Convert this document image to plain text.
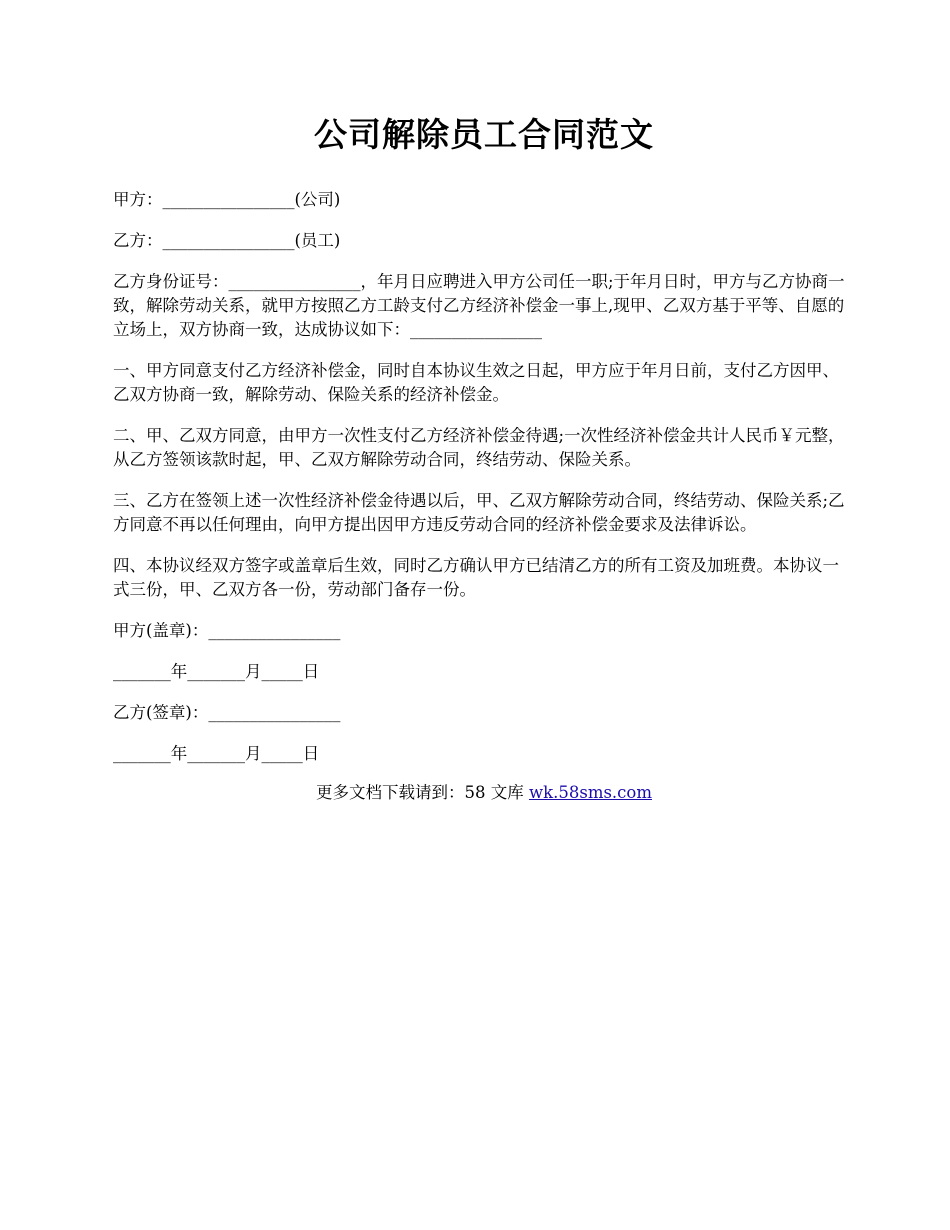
公司解除员工合同范文

甲方：________________(公司)

乙方：________________(员工)

乙方身份证号：________________，年月日应聘进入甲方公司任一职;于年月日时，甲方与乙方协商一致，解除劳动关系，就甲方按照乙方工龄支付乙方经济补偿金一事上,现甲、乙双方基于平等、自愿的立场上，双方协商一致，达成协议如下：________________

一、甲方同意支付乙方经济补偿金，同时自本协议生效之日起，甲方应于年月日前，支付乙方因甲、乙双方协商一致，解除劳动、保险关系的经济补偿金。

二、甲、乙双方同意，由甲方一次性支付乙方经济补偿金待遇;一次性经济补偿金共计人民币￥元整，从乙方签领该款时起，甲、乙双方解除劳动合同，终结劳动、保险关系。

三、乙方在签领上述一次性经济补偿金待遇以后，甲、乙双方解除劳动合同，终结劳动、保险关系;乙方同意不再以任何理由，向甲方提出因甲方违反劳动合同的经济补偿金要求及法律诉讼。

四、本协议经双方签字或盖章后生效，同时乙方确认甲方已结清乙方的所有工资及加班费。本协议一式三份，甲、乙双方各一份，劳动部门备存一份。

甲方(盖章)：________________

_______年_______月_____日

乙方(签章)：________________

_______年_______月_____日

更多文档下载请到：58 文库 wk.58sms.com
